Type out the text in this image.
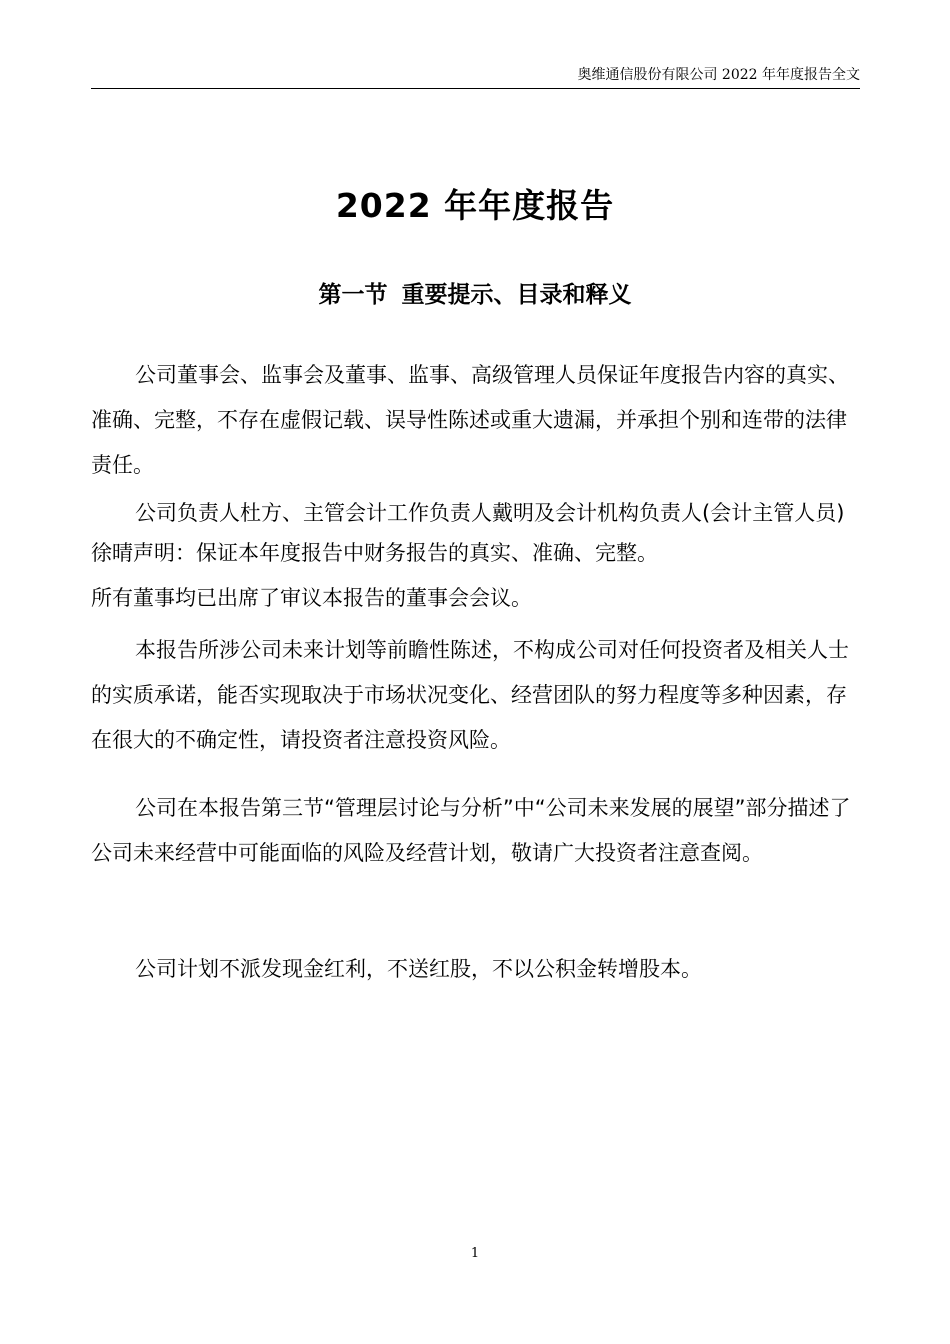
奥维通信股份有限公司 2022 年年度报告全文
2022 年年度报告
第一节 重要提示、目录和释义

公司董事会、监事会及董事、监事、高级管理人员保证年度报告内容的真实、准确、完整，不存在虚假记载、误导性陈述或重大遗漏，并承担个别和连带的法律责任。

公司负责人杜方、主管会计工作负责人戴明及会计机构负责人(会计主管人员)徐晴声明：保证本年度报告中财务报告的真实、准确、完整。

所有董事均已出席了审议本报告的董事会会议。

本报告所涉公司未来计划等前瞻性陈述，不构成公司对任何投资者及相关人士的实质承诺，能否实现取决于市场状况变化、经营团队的努力程度等多种因素，存在很大的不确定性，请投资者注意投资风险。

公司在本报告第三节“管理层讨论与分析”中“公司未来发展的展望”部分描述了公司未来经营中可能面临的风险及经营计划，敬请广大投资者注意查阅。

公司计划不派发现金红利，不送红股，不以公积金转增股本。

1
